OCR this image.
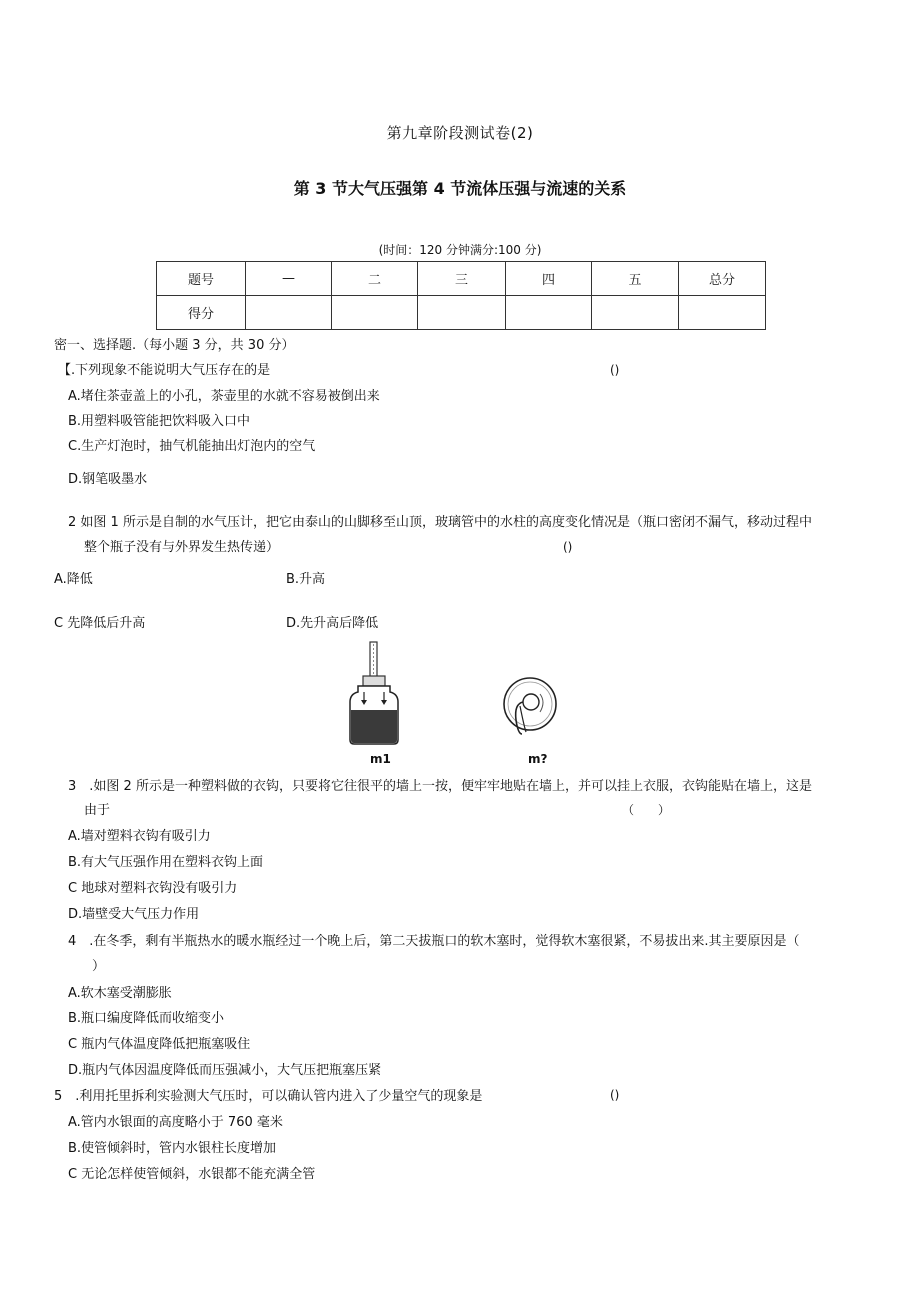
第九章阶段测试卷(2)
第 3 节大气压强第 4 节流体压强与流速的关系
(时间：120 分钟满分:100 分)
题号	—	二	三	四	五	总分
得分						
密一、选择题.（每小题 3 分，共 30 分）
【.下列现象不能说明大气压存在的是	()
A.堵住茶壶盖上的小孔，茶壶里的水就不容易被倒出来
B.用塑料吸管能把饮料吸入口中
C.生产灯泡时，抽气机能抽出灯泡内的空气
D.钢笔吸墨水
2 如图 1 所示是自制的水气压计，把它由泰山的山脚移至山顶，玻璃管中的水柱的高度变化情况是（瓶口密闭不漏气，移动过程中
整个瓶子没有与外界发生热传递）	()
A.降低	B.升高
C 先降低后升高	D.先升高后降低
m1	m?
3　.如图 2 所示是一种塑料做的衣钩，只要将它往很平的墙上一按，便牢牢地贴在墙上，并可以挂上衣服，衣钩能贴在墙上，这是
由于	（　　）
A.墙对塑料衣钩有吸引力
B.有大气压强作用在塑料衣钩上面
C 地球对塑料衣钩没有吸引力
D.墙壁受大气压力作用
4　.在冬季，剩有半瓶热水的暖水瓶经过一个晚上后，第二天拔瓶口的软木塞时，觉得软木塞很紧，不易拔出来.其主要原因是（
）
A.软木塞受潮膨胀
B.瓶口编度降低而收缩变小
C 瓶内气体温度降低把瓶塞吸住
D.瓶内气体因温度降低而压强减小，大气压把瓶塞压紧
5　.利用托里拆利实验测大气压时，可以确认管内进入了少量空气的现象是	()
A.管内水银面的高度略小于 760 毫米
B.使管倾斜时，管内水银柱长度增加
C 无论怎样使管倾斜，水银都不能充满全管
